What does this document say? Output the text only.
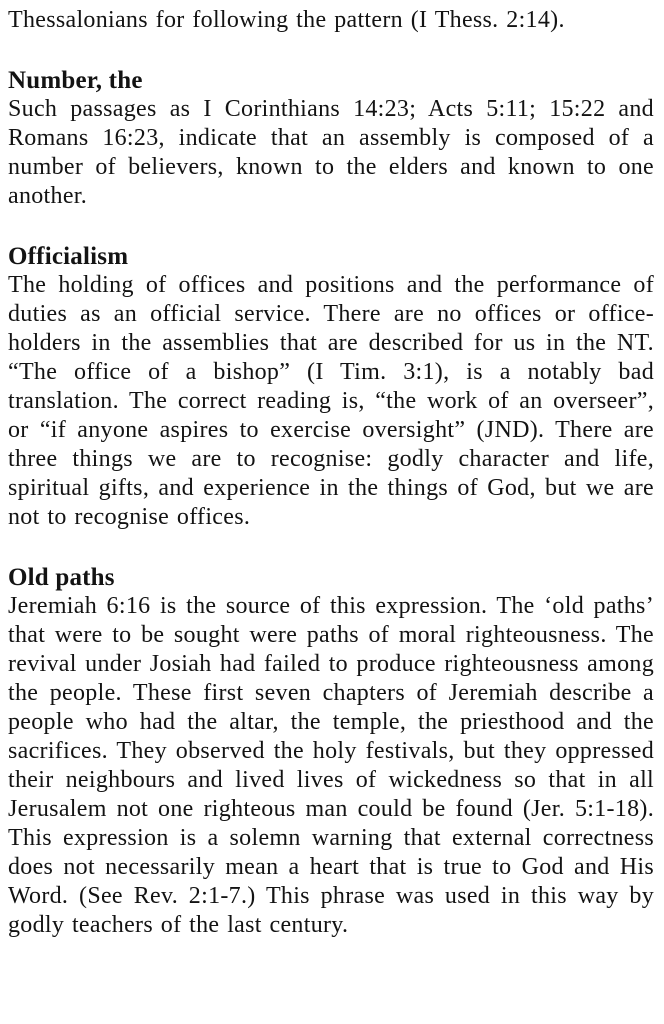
Thessalonians for following the pattern (I Thess. 2:14).

Number, the

Such passages as I Corinthians 14:23; Acts 5:11; 15:22 and Romans 16:23, indicate that an assembly is composed of a number of believers, known to the elders and known to one another.

Officialism

The holding of offices and positions and the performance of duties as an official service. There are no offices or office-holders in the assemblies that are described for us in the NT. “The office of a bishop” (I Tim. 3:1), is a notably bad translation. The correct reading is, “the work of an overseer”, or “if anyone aspires to exercise oversight” (JND). There are three things we are to recognise: godly character and life, spiritual gifts, and experience in the things of God, but we are not to recognise offices.

Old paths

Jeremiah 6:16 is the source of this expression. The ‘old paths’ that were to be sought were paths of moral righteousness. The revival under Josiah had failed to produce righteousness among the people. These first seven chapters of Jeremiah describe a people who had the altar, the temple, the priesthood and the sacrifices. They observed the holy festivals, but they oppressed their neighbours and lived lives of wickedness so that in all Jerusalem not one righteous man could be found (Jer. 5:1-18). This expression is a solemn warning that external correctness does not necessarily mean a heart that is true to God and His Word. (See Rev. 2:1-7.) This phrase was used in this way by godly teachers of the last century.
